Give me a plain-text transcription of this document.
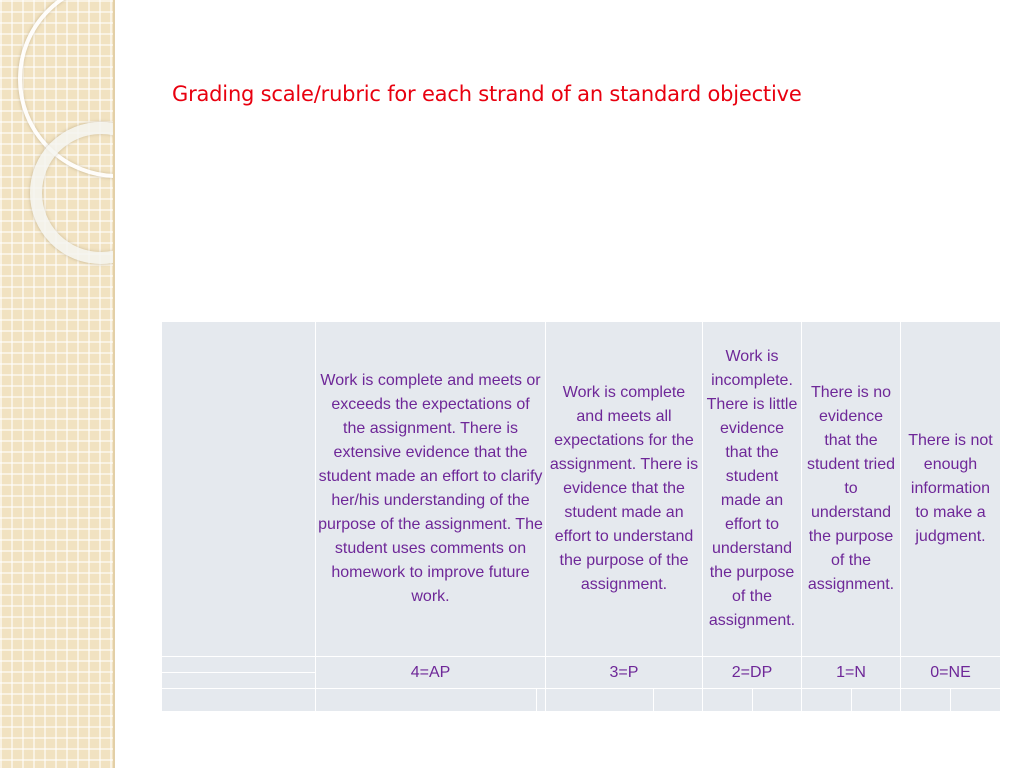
Grading scale/rubric for each strand of an standard objective
	Work is complete and meets or exceeds the expectations of the assignment. There is extensive evidence that the student made an effort to clarify her/his understanding of the purpose of the assignment. The student uses comments on homework to improve future work.	Work is complete and meets all expectations for the assignment. There is evidence that the student made an effort to understand the purpose of the assignment.	Work is incomplete. There is little evidence that the student made an effort to understand the purpose of the assignment.	There is no evidence that the student tried to understand the purpose of the assignment.	There is not enough information to make a judgment.
	4=AP	3=P	2=DP	1=N	0=NE
